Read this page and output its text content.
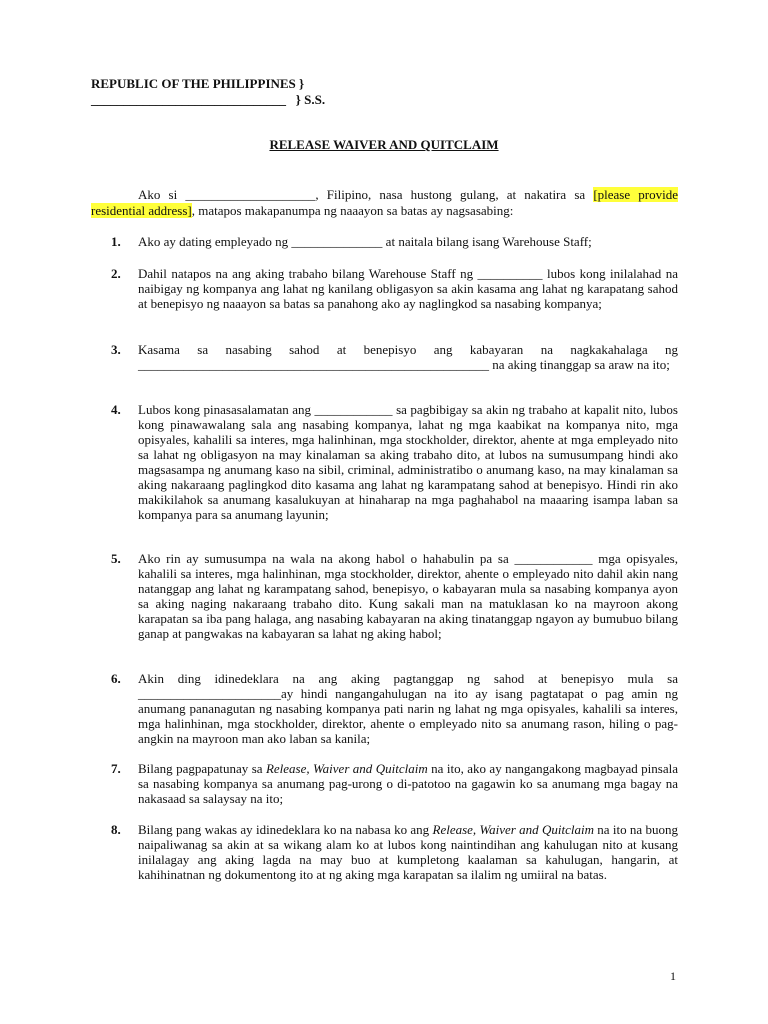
REPUBLIC OF THE PHILIPPINES }
______________________________   } S.S.
RELEASE WAIVER AND QUITCLAIM

Ako si ____________________, Filipino, nasa hustong gulang, at nakatira sa [please provide residential address], matapos makapanumpa ng naaayon sa batas ay nagsasabing:

1. Ako ay dating empleyado ng ______________ at naitala bilang isang Warehouse Staff;
2. Dahil natapos na ang aking trabaho bilang Warehouse Staff ng __________ lubos kong inilalahad na naibigay ng kompanya ang lahat ng kanilang obligasyon sa akin kasama ang lahat ng karapatang sahod at benepisyo ng naaayon sa batas sa panahong ako ay naglingkod sa nasabing kompanya;
3. Kasama sa nasabing sahod at benepisyo ang kabayaran na nagkakahalaga ng ______________________________________________________ na aking tinanggap sa araw na ito;
4. Lubos kong pinasasalamatan ang ____________ sa pagbibigay sa akin ng trabaho at kapalit nito, lubos kong pinawawalang sala ang nasabing kompanya, lahat ng mga kaabikat na kompanya nito, mga opisyales, kahalili sa interes, mga halinhinan, mga stockholder, direktor, ahente at mga empleyado nito sa lahat ng obligasyon na may kinalaman sa aking trabaho dito, at lubos na sumusumpang hindi ako magsasampa ng anumang kaso na sibil, criminal, administratibo o anumang kaso, na may kinalaman sa aking nakaraang paglingkod dito kasama ang lahat ng karampatang sahod at benepisyo. Hindi rin ako makikilahok sa anumang kasalukuyan at hinaharap na mga paghahabol na maaaring isampa laban sa kompanya para sa anumang layunin;
5. Ako rin ay sumusumpa na wala na akong habol o hahabulin pa sa ____________ mga opisyales, kahalili sa interes, mga halinhinan, mga stockholder, direktor, ahente o empleyado nito dahil akin nang natanggap ang lahat ng karampatang sahod, benepisyo, o kabayaran mula sa nasabing kompanya ayon sa aking naging nakaraang trabaho dito. Kung sakali man na matuklasan ko na mayroon akong karapatan sa iba pang halaga, ang nasabing kabayaran na aking tinatanggap ngayon ay bumubuo bilang ganap at pangwakas na kabayaran sa lahat ng aking habol;
6. Akin ding idinedeklara na ang aking pagtanggap ng sahod at benepisyo mula sa ______________________ay hindi nangangahulugan na ito ay isang pagtatapat o pag amin ng anumang pananagutan ng nasabing kompanya pati narin ng lahat ng mga opisyales, kahalili sa interes, mga halinhinan, mga stockholder, direktor, ahente o empleyado nito sa anumang rason, hiling o pag-angkin na mayroon man ako laban sa kanila;
7. Bilang pagpapatunay sa Release, Waiver and Quitclaim na ito, ako ay nangangakong magbayad pinsala sa nasabing kompanya sa anumang pag-urong o di-patotoo na gagawin ko sa anumang mga bagay na nakasaad sa salaysay na ito;
8. Bilang pang wakas ay idinedeklara ko na nabasa ko ang Release, Waiver and Quitclaim na ito na buong naipaliwanag sa akin at sa wikang alam ko at lubos kong naintindihan ang kahulugan nito at kusang inilalagay ang aking lagda na may buo at kumpletong kaalaman sa kahulugan, hangarin, at kahihinatnan ng dokumentong ito at ng aking mga karapatan sa ilalim ng umiiral na batas.
1
